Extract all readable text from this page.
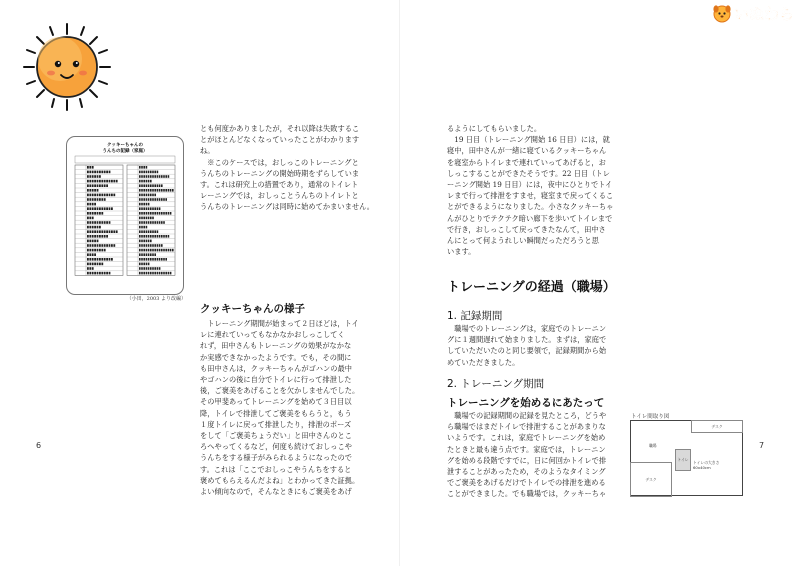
いぬわら
クッキーちゃんの
うんちの記録（家庭）
（小田，2003 より改編）

とも何度かありましたが，それ以降は失敗するこ
とがほとんどなくなっていったことがわかります
ね。
　※このケースでは，おしっこのトレーニングと
うんちのトレーニングの開始時期をずらしていま
す。これは研究上の措置であり，通常のトイレト
レーニングでは，おしっことうんちのトイレトと
うんちのトレーニングは同時に始めてかまいません。

クッキーちゃんの様子

　トレーニング期間が始まって２日ほどは，トイ
レに連れていってもなかなかおしっこしてく
れず，田中さんもトレーニングの効果がなかな
か実感できなかったようです。でも，その間に
も田中さんは，クッキーちゃんがゴハンの最中
やゴハンの後に自分でトイレに行って排泄した
後，ご褒美をあげることを欠かしませんでした。
その甲斐あってトレーニングを始めて３日目以
降，トイレで排泄してご褒美をもらうと，もう
１度トイレに戻って排泄したり，排泄のポーズ
をして「ご褒美ちょうだい」と田中さんのとこ
ろへやってくるなど，何度も続けておしっこや
うんちをする様子がみられるようになったので
す。これは「ここでおしっこやうんちをすると
褒めてもらえるんだよね」とわかってきた証拠。
よい傾向なので，そんなときにもご褒美をあげ

6

るようにしてもらいました。
　19 日目（トレーニング開始 16 日目）には，就
寝中，田中さんが一緒に寝ているクッキーちゃん
を寝室からトイレまで連れていってあげると，お
しっこすることができたそうです。22 日目（トレ
ーニング開始 19 日目）には，夜中にひとりでトイ
レまで行って排泄をすませ，寝室まで戻ってくるこ
とができるようになりました。小さなクッキーちゃ
んがひとりでテクテク暗い廊下を歩いてトイレまで
で行き，おしっこして戻ってきたなんて，田中さ
んにとって何ようれしい瞬間だっただろうと思
います。

トレーニングの経過（職場）
1. 記録期間

　職場でのトレーニングは，家庭でのトレーニン
グに１週間遅れて始まりました。まずは，家庭で
していただいたのと同じ要領で，記録期間から始
めていただきました。

2. トレーニング期間
トレーニングを始めるにあたって

　職場での記録期間の記録を見たところ，どうや
ら職場ではまだトイレで排泄することがあまりな
いようです。これは，家庭でトレーニングを始め
たときと最も違う点です。家庭では，トレーニン
グを始める段階ですでに，日に何回かトイレで排
泄することがあったため，そのようなタイミング
でご褒美をあげるだけでトイレでの排泄を進める
ことができました。でも職場では，クッキーちゃ

7
トイレ間取り図
デスク
デスク
職場
トイレ
トイレの大きさ
60x40cm
